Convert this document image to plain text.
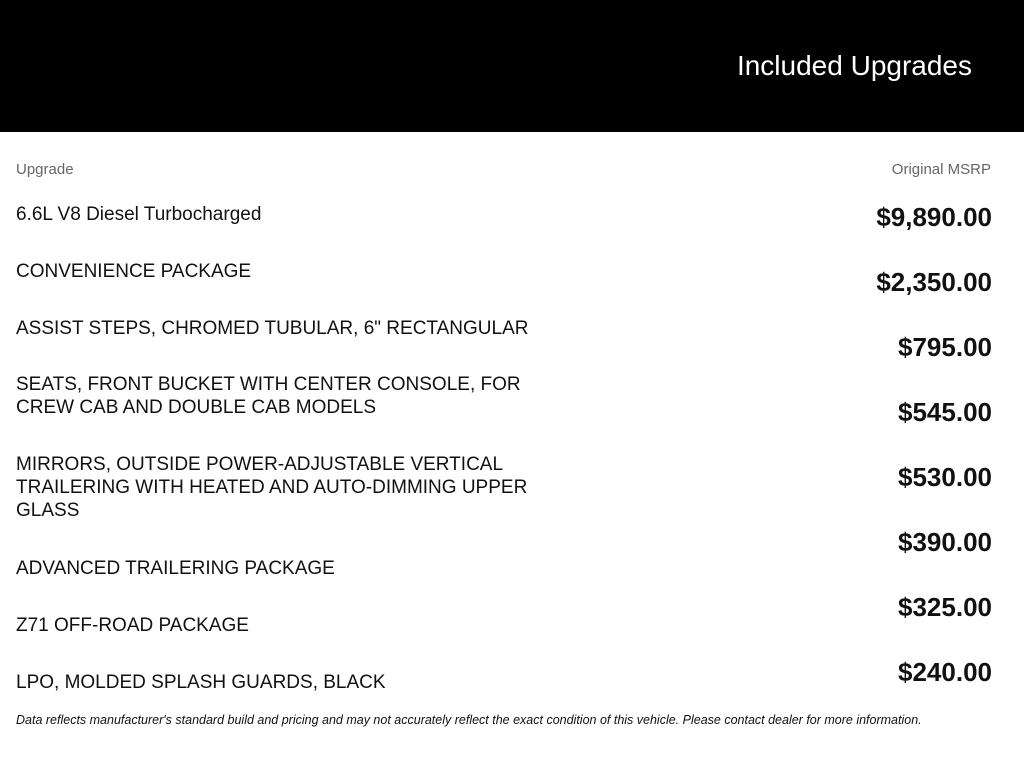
Included Upgrades
Upgrade	Original MSRP
6.6L V8 Diesel Turbocharged
CONVENIENCE PACKAGE
ASSIST STEPS, CHROMED TUBULAR, 6" RECTANGULAR
SEATS, FRONT BUCKET WITH CENTER CONSOLE, FOR CREW CAB AND DOUBLE CAB MODELS
MIRRORS, OUTSIDE POWER-ADJUSTABLE VERTICAL TRAILERING WITH HEATED AND AUTO-DIMMING UPPER GLASS
ADVANCED TRAILERING PACKAGE
Z71 OFF-ROAD PACKAGE
LPO, MOLDED SPLASH GUARDS, BLACK
$9,890.00
$2,350.00
$795.00
$545.00
$530.00
$390.00
$325.00
$240.00
Data reflects manufacturer's standard build and pricing and may not accurately reflect the exact condition of this vehicle. Please contact dealer for more information.
